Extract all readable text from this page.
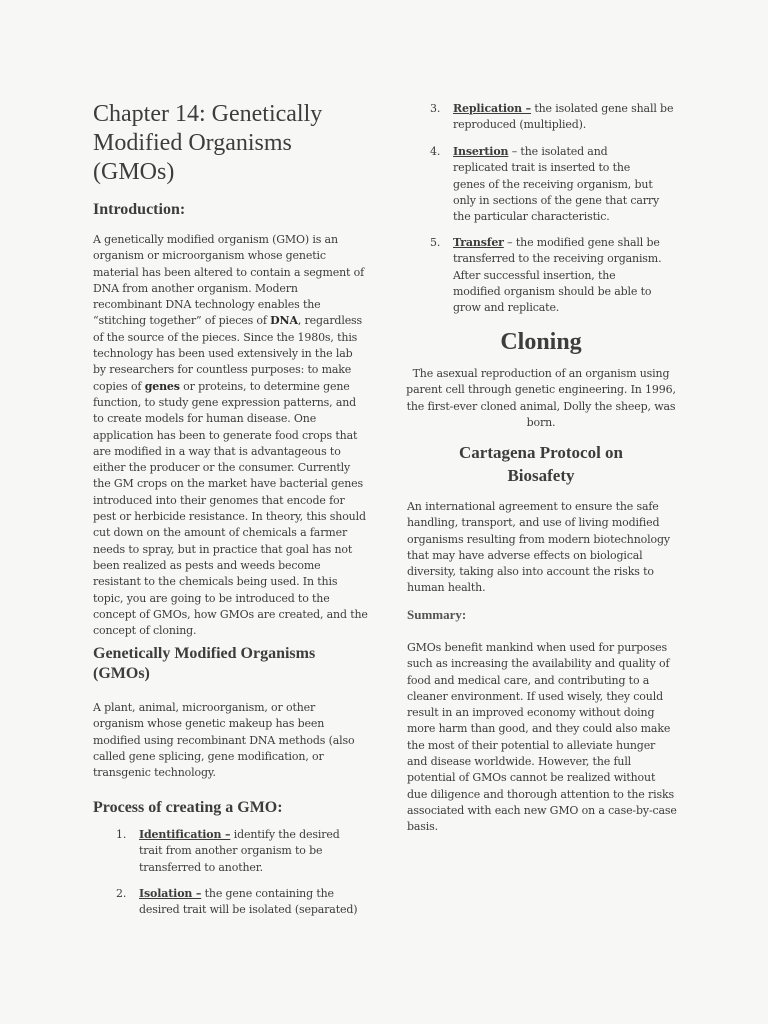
Chapter 14: Genetically Modified Organisms (GMOs)
Introduction:

A genetically modified organism (GMO) is an organism or microorganism whose genetic material has been altered to contain a segment of DNA from another organism. Modern recombinant DNA technology enables the “stitching together” of pieces of DNA, regardless of the source of the pieces. Since the 1980s, this technology has been used extensively in the lab by researchers for countless purposes: to make copies of genes or proteins, to determine gene function, to study gene expression patterns, and to create models for human disease. One application has been to generate food crops that are modified in a way that is advantageous to either the producer or the consumer. Currently the GM crops on the market have bacterial genes introduced into their genomes that encode for pest or herbicide resistance. In theory, this should cut down on the amount of chemicals a farmer needs to spray, but in practice that goal has not been realized as pests and weeds become resistant to the chemicals being used. In this topic, you are going to be introduced to the concept of GMOs, how GMOs are created, and the concept of cloning.

Genetically Modified Organisms (GMOs)

A plant, animal, microorganism, or other organism whose genetic makeup has been modified using recombinant DNA methods (also called gene splicing, gene modification, or transgenic technology.

Process of creating a GMO:
1. Identification – identify the desired trait from another organism to be transferred to another.
2. Isolation – the gene containing the desired trait will be isolated (separated)
3. Replication – the isolated gene shall be reproduced (multiplied).
4. Insertion – the isolated and replicated trait is inserted to the genes of the receiving organism, but only in sections of the gene that carry the particular characteristic.
5. Transfer – the modified gene shall be transferred to the receiving organism. After successful insertion, the modified organism should be able to grow and replicate.
Cloning

The asexual reproduction of an organism using parent cell through genetic engineering. In 1996, the first-ever cloned animal, Dolly the sheep, was born.

Cartagena Protocol on Biosafety

An international agreement to ensure the safe handling, transport, and use of living modified organisms resulting from modern biotechnology that may have adverse effects on biological diversity, taking also into account the risks to human health.

Summary:

GMOs benefit mankind when used for purposes such as increasing the availability and quality of food and medical care, and contributing to a cleaner environment. If used wisely, they could result in an improved economy without doing more harm than good, and they could also make the most of their potential to alleviate hunger and disease worldwide. However, the full potential of GMOs cannot be realized without due diligence and thorough attention to the risks associated with each new GMO on a case-by-case basis.
